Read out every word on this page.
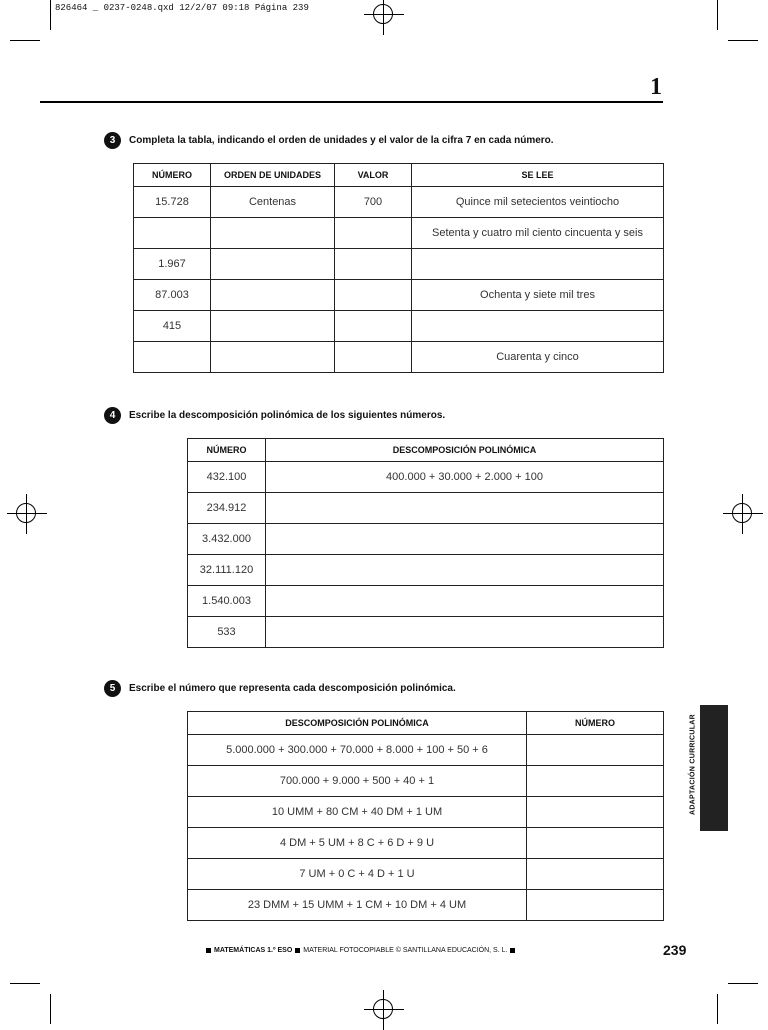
826464 _ 0237-0248.qxd 12/2/07 09:18 Página 239
1
3	Completa la tabla, indicando el orden de unidades y el valor de la cifra 7 en cada número.
NÚMERO	ORDEN DE UNIDADES	VALOR	SE LEE
15.728	Centenas	700	Quince mil setecientos veintiocho
			Setenta y cuatro mil ciento cincuenta y seis
1.967			
87.003			Ochenta y siete mil tres
415			
			Cuarenta y cinco
4	Escribe la descomposición polinómica de los siguientes números.
NÚMERO	DESCOMPOSICIÓN POLINÓMICA
432.100	400.000 + 30.000 + 2.000 + 100
234.912	
3.432.000	
32.111.120	
1.540.003	
533	
5	Escribe el número que representa cada descomposición polinómica.
DESCOMPOSICIÓN POLINÓMICA	NÚMERO
5.000.000 + 300.000 + 70.000 + 8.000 + 100 + 50 + 6	
700.000 + 9.000 + 500 + 40 + 1	
10 UMM + 80 CM + 40 DM + 1 UM	
4 DM + 5 UM + 8 C + 6 D + 9 U	
7 UM + 0 C + 4 D + 1 U	
23 DMM + 15 UMM + 1 CM + 10 DM + 4 UM	
ADAPTACIÓN CURRICULAR
MATEMÁTICAS 1.º ESO MATERIAL FOTOCOPIABLE © SANTILLANA EDUCACIÓN, S. L.	239
